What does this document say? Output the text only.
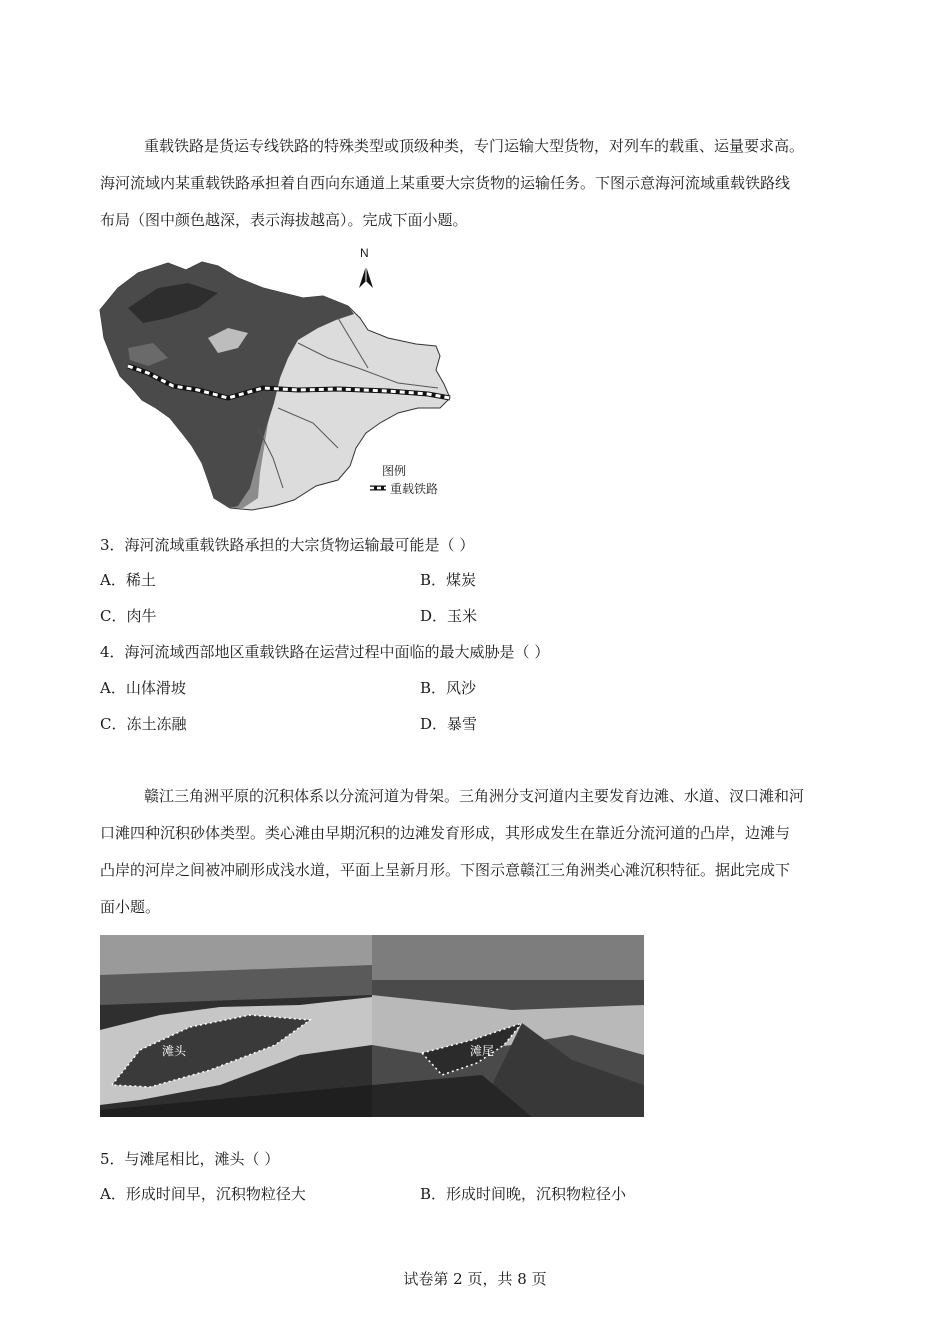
重载铁路是货运专线铁路的特殊类型或顶级种类，专门运输大型货物，对列车的载重、运量要求高。
海河流域内某重载铁路承担着自西向东通道上某重要大宗货物的运输任务。下图示意海河流域重载铁路线
布局（图中颜色越深，表示海拔越高）。完成下面小题。
N
图例
重载铁路
3．海河流域重载铁路承担的大宗货物运输最可能是（ ）
A．稀土	B．煤炭
C．肉牛	D．玉米
4．海河流域西部地区重载铁路在运营过程中面临的最大威胁是（ ）
A．山体滑坡	B．风沙
C．冻土冻融	D．暴雪
赣江三角洲平原的沉积体系以分流河道为骨架。三角洲分支河道内主要发育边滩、水道、汊口滩和河
口滩四种沉积砂体类型。类心滩由早期沉积的边滩发育形成，其形成发生在靠近分流河道的凸岸，边滩与
凸岸的河岸之间被冲刷形成浅水道，平面上呈新月形。下图示意赣江三角洲类心滩沉积特征。据此完成下
面小题。
滩头	滩尾
5．与滩尾相比，滩头（ ）
A．形成时间早，沉积物粒径大	B．形成时间晚，沉积物粒径小
试卷第 2 页，共 8 页
